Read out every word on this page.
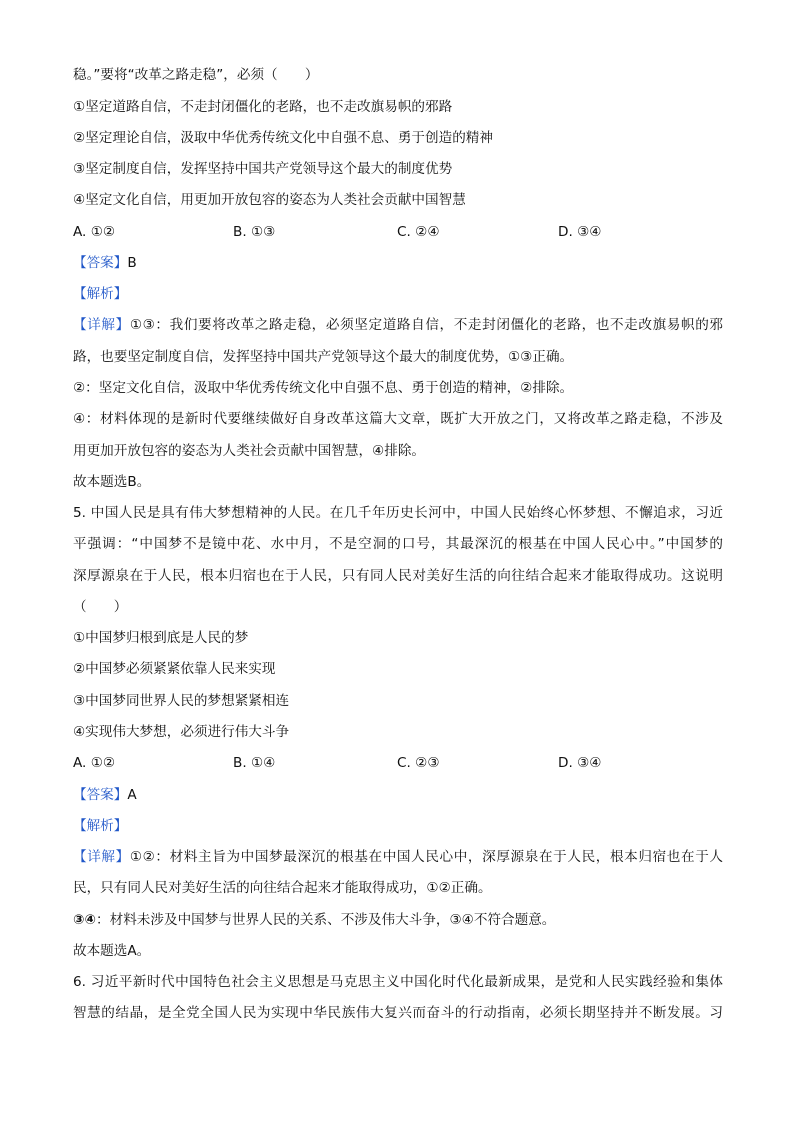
稳。”要将“改革之路走稳”，必须（　　）
①坚定道路自信，不走封闭僵化的老路，也不走改旗易帜的邪路
②坚定理论自信，汲取中华优秀传统文化中自强不息、勇于创造的精神
③坚定制度自信，发挥坚持中国共产党领导这个最大的制度优势
④坚定文化自信，用更加开放包容的姿态为人类社会贡献中国智慧
A. ①②	B. ①③	C. ②④	D. ③④
【答案】B
【解析】
【详解】①③：我们要将改革之路走稳，必须坚定道路自信，不走封闭僵化的老路，也不走改旗易帜的邪
路，也要坚定制度自信，发挥坚持中国共产党领导这个最大的制度优势，①③正确。
②：坚定文化自信，汲取中华优秀传统文化中自强不息、勇于创造的精神，②排除。
④：材料体现的是新时代要继续做好自身改革这篇大文章，既扩大开放之门，又将改革之路走稳，不涉及
用更加开放包容的姿态为人类社会贡献中国智慧，④排除。
故本题选B。
5. 中国人民是具有伟大梦想精神的人民。在几千年历史长河中，中国人民始终心怀梦想、不懈追求，习近
平强调：“中国梦不是镜中花、水中月，不是空洞的口号，其最深沉的根基在中国人民心中。”中国梦的
深厚源泉在于人民，根本归宿也在于人民，只有同人民对美好生活的向往结合起来才能取得成功。这说明
（　　）
①中国梦归根到底是人民的梦
②中国梦必须紧紧依靠人民来实现
③中国梦同世界人民的梦想紧紧相连
④实现伟大梦想，必须进行伟大斗争
A. ①②	B. ①④	C. ②③	D. ③④
【答案】A
【解析】
【详解】①②：材料主旨为中国梦最深沉的根基在中国人民心中，深厚源泉在于人民，根本归宿也在于人
民，只有同人民对美好生活的向往结合起来才能取得成功，①②正确。
③④：材料未涉及中国梦与世界人民的关系、不涉及伟大斗争，③④不符合题意。
故本题选A。
6. 习近平新时代中国特色社会主义思想是马克思主义中国化时代化最新成果，是党和人民实践经验和集体
智慧的结晶，是全党全国人民为实现中华民族伟大复兴而奋斗的行动指南，必须长期坚持并不断发展。习
